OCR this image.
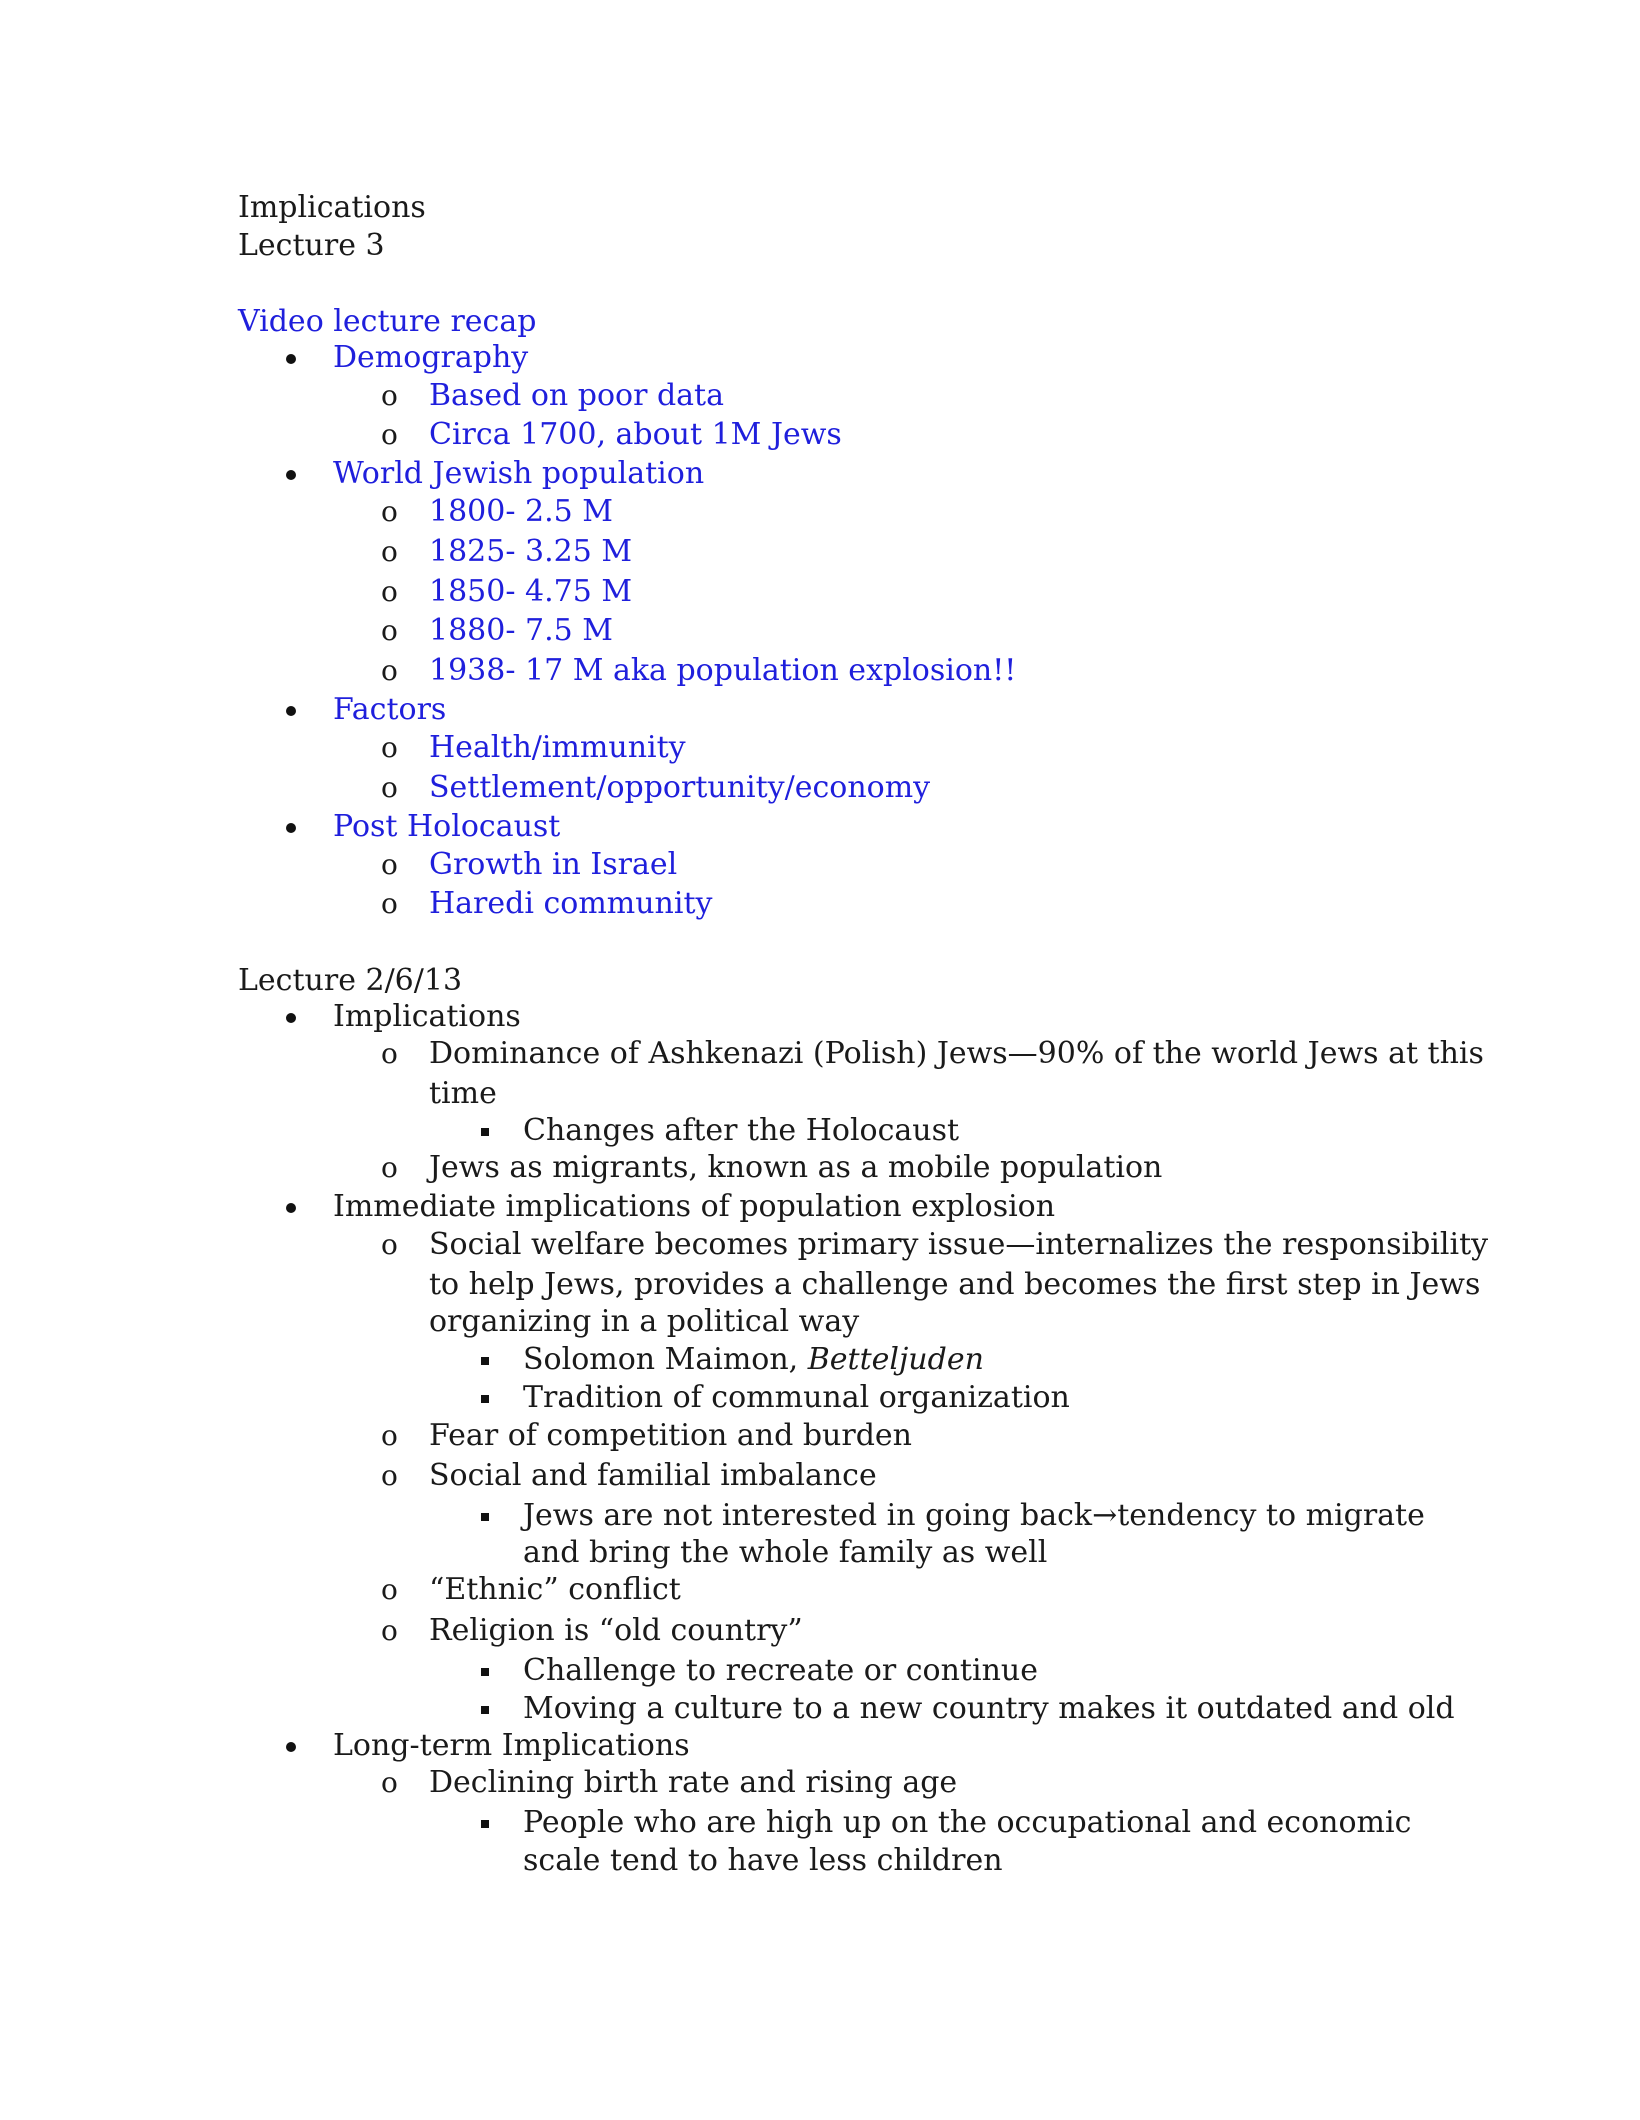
Implications
Lecture 3
Video lecture recap
Demography
o Based on poor data
o Circa 1700, about 1M Jews
World Jewish population
o 1800- 2.5 M
o 1825- 3.25 M
o 1850- 4.75 M
o 1880- 7.5 M
o 1938- 17 M aka population explosion!!
Factors
o Health/immunity
o Settlement/opportunity/economy
Post Holocaust
o Growth in Israel
o Haredi community
Lecture 2/6/13
Implications
o Dominance of Ashkenazi (Polish) Jews—90% of the world Jews at this
time
Changes after the Holocaust
o Jews as migrants, known as a mobile population
Immediate implications of population explosion
o Social welfare becomes primary issue—internalizes the responsibility
to help Jews, provides a challenge and becomes the first step in Jews
organizing in a political way
Solomon Maimon, Betteljuden
Tradition of communal organization
o Fear of competition and burden
o Social and familial imbalance
Jews are not interested in going back→tendency to migrate
and bring the whole family as well
o “Ethnic” conflict
o Religion is “old country”
Challenge to recreate or continue
Moving a culture to a new country makes it outdated and old
Long-term Implications
o Declining birth rate and rising age
People who are high up on the occupational and economic
scale tend to have less children
